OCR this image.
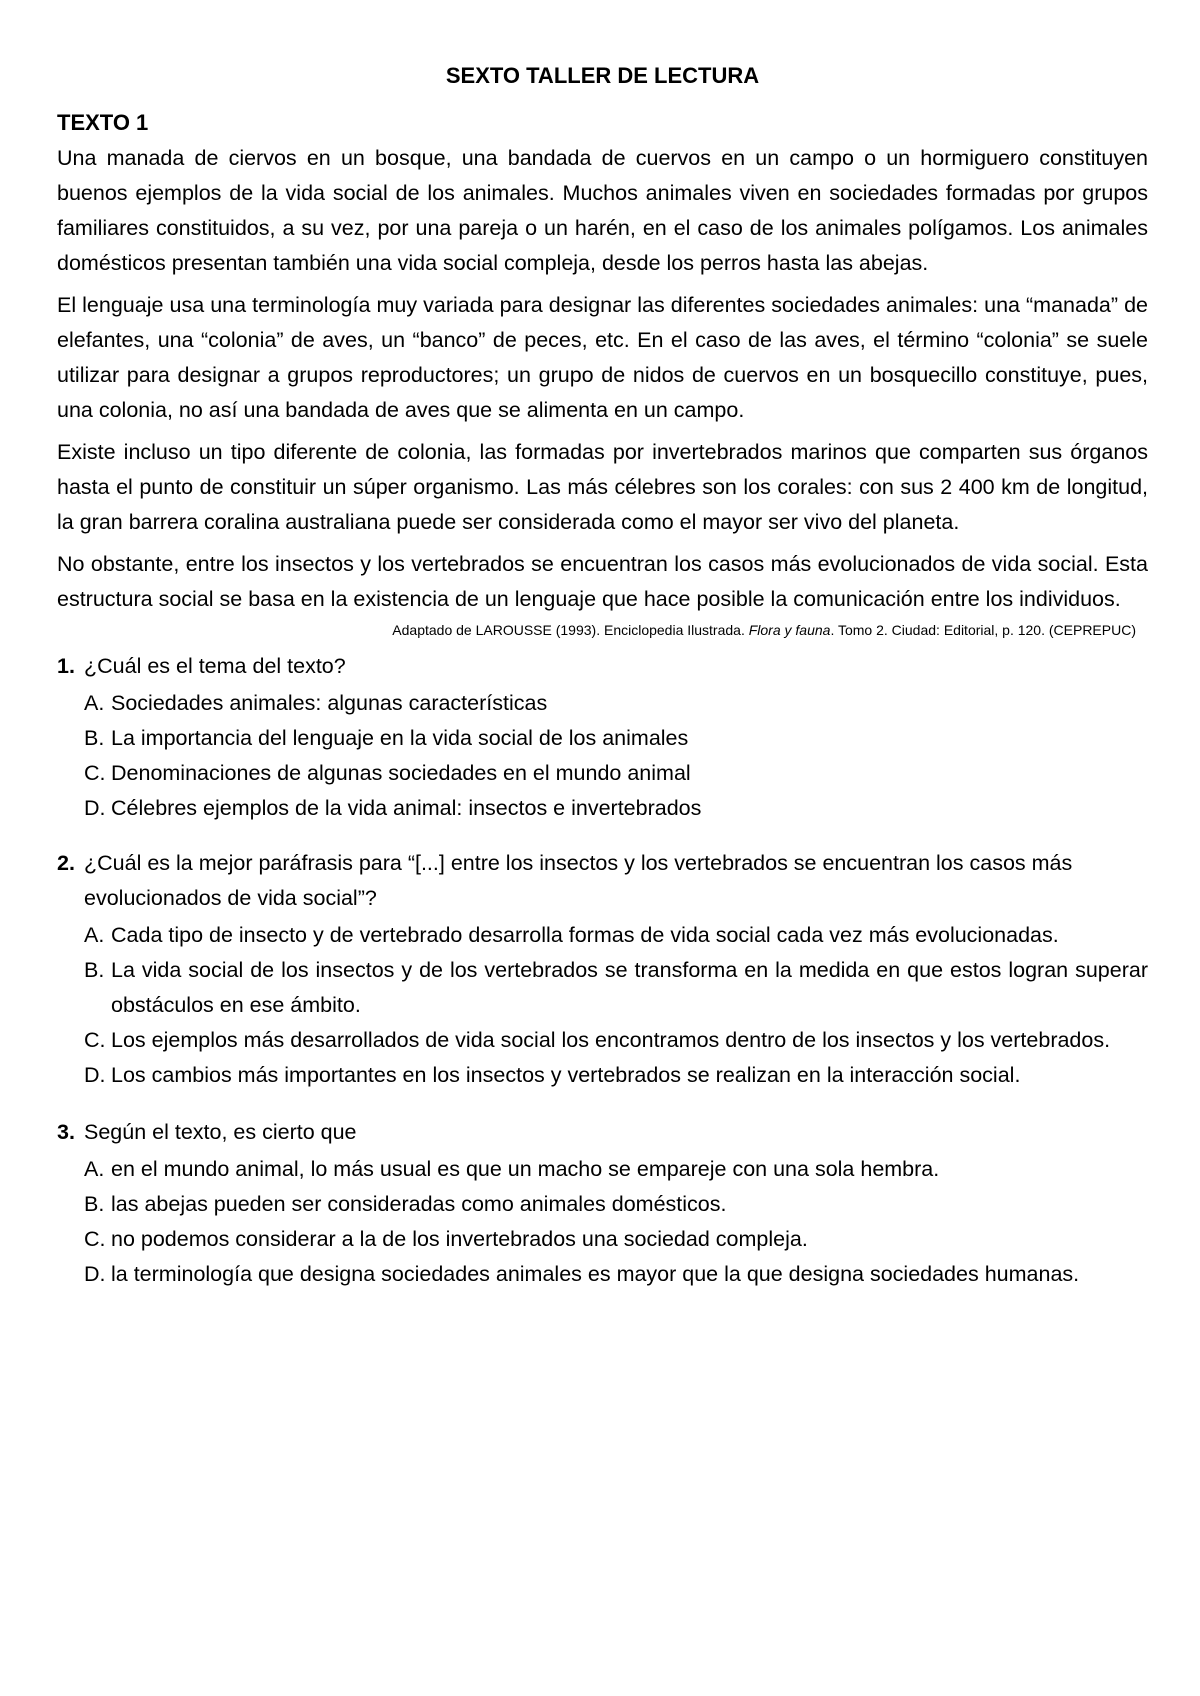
SEXTO TALLER DE LECTURA
TEXTO 1

Una manada de ciervos en un bosque, una bandada de cuervos en un campo o un hormiguero constituyen buenos ejemplos de la vida social de los animales. Muchos animales viven en sociedades formadas por grupos familiares constituidos, a su vez, por una pareja o un harén, en el caso de los animales polígamos. Los animales domésticos presentan también una vida social compleja, desde los perros hasta las abejas.

El lenguaje usa una terminología muy variada para designar las diferentes sociedades animales: una “manada” de elefantes, una “colonia” de aves, un “banco” de peces, etc. En el caso de las aves, el término “colonia” se suele utilizar para designar a grupos reproductores; un grupo de nidos de cuervos en un bosquecillo constituye, pues, una colonia, no así una bandada de aves que se alimenta en un campo.

Existe incluso un tipo diferente de colonia, las formadas por invertebrados marinos que comparten sus órganos hasta el punto de constituir un súper organismo. Las más célebres son los corales: con sus 2 400 km de longitud, la gran barrera coralina australiana puede ser considerada como el mayor ser vivo del planeta.

No obstante, entre los insectos y los vertebrados se encuentran los casos más evolucionados de vida social. Esta estructura social se basa en la existencia de un lenguaje que hace posible la comunicación entre los individuos.

Adaptado de LAROUSSE (1993). Enciclopedia Ilustrada. Flora y fauna. Tomo 2. Ciudad: Editorial, p. 120. (CEPREPUC)
1. ¿Cuál es el tema del texto?
A. Sociedades animales: algunas características
B. La importancia del lenguaje en la vida social de los animales
C. Denominaciones de algunas sociedades en el mundo animal
D. Célebres ejemplos de la vida animal: insectos e invertebrados
2. ¿Cuál es la mejor paráfrasis para “[...] entre los insectos y los vertebrados se encuentran los casos más evolucionados de vida social”?
A. Cada tipo de insecto y de vertebrado desarrolla formas de vida social cada vez más evolucionadas.
B. La vida social de los insectos y de los vertebrados se transforma en la medida en que estos logran superar obstáculos en ese ámbito.
C. Los ejemplos más desarrollados de vida social los encontramos dentro de los insectos y los vertebrados.
D. Los cambios más importantes en los insectos y vertebrados se realizan en la interacción social.
3. Según el texto, es cierto que
A. en el mundo animal, lo más usual es que un macho se empareje con una sola hembra.
B. las abejas pueden ser consideradas como animales domésticos.
C. no podemos considerar a la de los invertebrados una sociedad compleja.
D. la terminología que designa sociedades animales es mayor que la que designa sociedades humanas.
